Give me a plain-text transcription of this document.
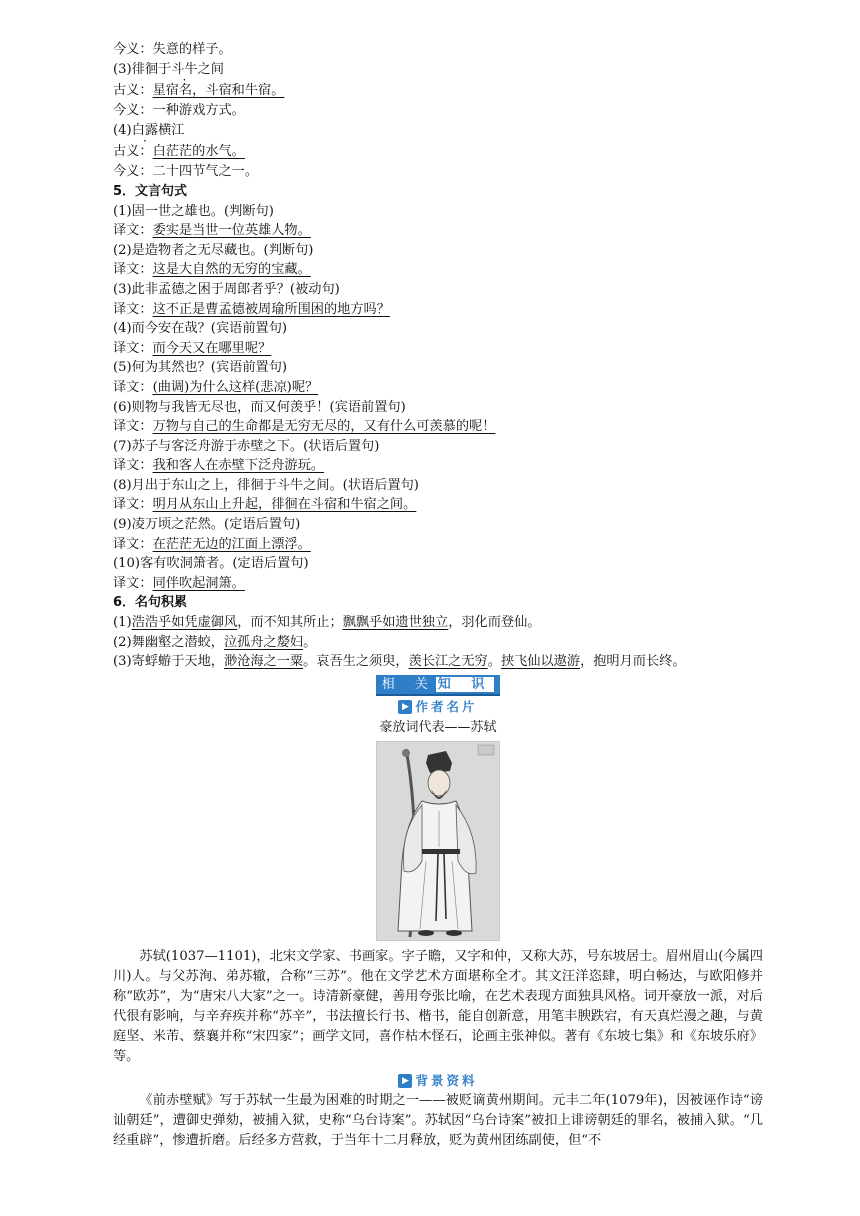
今义：失意的样子。
(3)徘徊于斗牛之间
古义：星宿名，斗宿和牛宿。
今义：一种游戏方式。
(4)白露横江
古义：白茫茫的水气。
今义：二十四节气之一。
5．文言句式
(1)固一世之雄也。(判断句)
译文：委实是当世一位英雄人物。
(2)是造物者之无尽藏也。(判断句)
译文：这是大自然的无穷的宝藏。
(3)此非孟德之困于周郎者乎？(被动句)
译文：这不正是曹孟德被周瑜所围困的地方吗？
(4)而今安在哉？(宾语前置句)
译文：而今天又在哪里呢？
(5)何为其然也？(宾语前置句)
译文：(曲调)为什么这样(悲凉)呢？
(6)则物与我皆无尽也，而又何羡乎！(宾语前置句)
译文：万物与自己的生命都是无穷无尽的，又有什么可羡慕的呢！
(7)苏子与客泛舟游于赤壁之下。(状语后置句)
译文：我和客人在赤壁下泛舟游玩。
(8)月出于东山之上，徘徊于斗牛之间。(状语后置句)
译文：明月从东山上升起，徘徊在斗宿和牛宿之间。
(9)凌万顷之茫然。(定语后置句)
译文：在茫茫无边的江面上漂浮。
(10)客有吹洞箫者。(定语后置句)
译文：同伴吹起洞箫。
6．名句积累
(1)浩浩乎如凭虚御风，而不知其所止；飘飘乎如遗世独立，羽化而登仙。
(2)舞幽壑之潜蛟，泣孤舟之嫠妇。
(3)寄蜉蝣于天地，渺沧海之一粟。哀吾生之须臾，羡长江之无穷。挟飞仙以遨游，抱明月而长终。
相 关 知 识
▶ 作者名片
豪放词代表——苏轼
苏轼(1037—1101)，北宋文学家、书画家。字子瞻，又字和仲，又称大苏，号东坡居士。眉州眉山(今属四川)人。与父苏洵、弟苏辙，合称“三苏”。他在文学艺术方面堪称全才。其文汪洋恣肆，明白畅达，与欧阳修并称“欧苏”，为“唐宋八大家”之一。诗清新豪健，善用夸张比喻，在艺术表现方面独具风格。词开豪放一派，对后代很有影响，与辛弃疾并称“苏辛”，书法擅长行书、楷书，能自创新意，用笔丰腴跌宕，有天真烂漫之趣，与黄庭坚、米芾、蔡襄并称“宋四家”；画学文同，喜作枯木怪石，论画主张神似。著有《东坡七集》和《东坡乐府》等。
▶ 背景资料
《前赤壁赋》写于苏轼一生最为困难的时期之一——被贬谪黄州期间。元丰二年(1079年)，因被诬作诗“谤讪朝廷”，遭御史弹劾，被捕入狱，史称“乌台诗案”。苏轼因“乌台诗案”被扣上诽谤朝廷的罪名，被捕入狱。“几经重辟”，惨遭折磨。后经多方营救，于当年十二月释放，贬为黄州团练副使，但“不
